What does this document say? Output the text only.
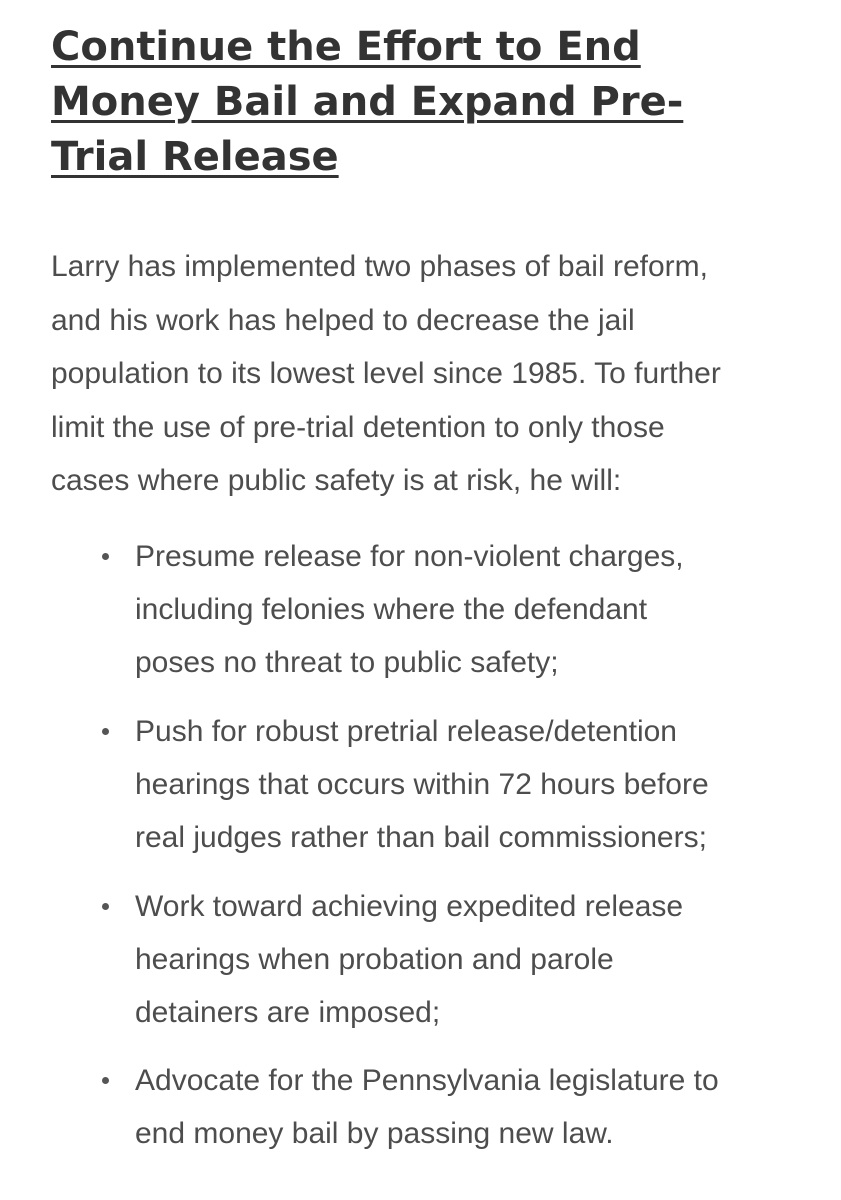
Continue the Effort to End
Money Bail and Expand Pre-
Trial Release

Larry has implemented two phases of bail reform,
and his work has helped to decrease the jail
population to its lowest level since 1985. To further
limit the use of pre-trial detention to only those
cases where public safety is at risk, he will:

Presume release for non-violent charges,
including felonies where the defendant
poses no threat to public safety;
Push for robust pretrial release/detention
hearings that occurs within 72 hours before
real judges rather than bail commissioners;
Work toward achieving expedited release
hearings when probation and parole
detainers are imposed;
Advocate for the Pennsylvania legislature to
end money bail by passing new law.
